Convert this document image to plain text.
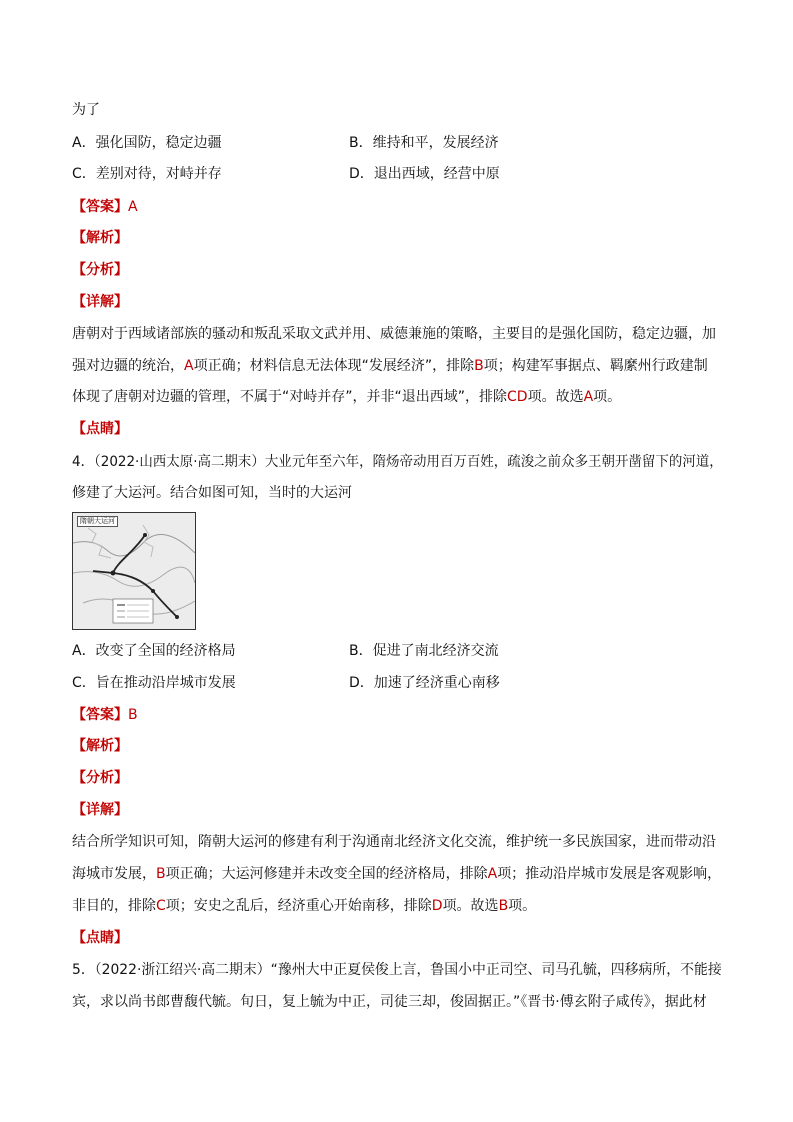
为了
A．强化国防，稳定边疆	B．维持和平，发展经济
C．差别对待，对峙并存	D．退出西域，经营中原
【答案】A
【解析】
【分析】
【详解】
唐朝对于西域诸部族的骚动和叛乱采取文武并用、威德兼施的策略，主要目的是强化国防，稳定边疆，加
强对边疆的统治，A项正确；材料信息无法体现“发展经济”，排除B项；构建军事据点、羁縻州行政建制
体现了唐朝对边疆的管理，不属于“对峙并存”，并非“退出西域”，排除CD项。故选A项。
【点睛】
4．（2022·山西太原·高二期末）大业元年至六年，隋炀帝动用百万百姓，疏浚之前众多王朝开凿留下的河道，
修建了大运河。结合如图可知，当时的大运河
隋朝大运河
A．改变了全国的经济格局	B．促进了南北经济交流
C．旨在推动沿岸城市发展	D．加速了经济重心南移
【答案】B
【解析】
【分析】
【详解】
结合所学知识可知，隋朝大运河的修建有利于沟通南北经济文化交流，维护统一多民族国家，进而带动沿
海城市发展，B项正确；大运河修建并未改变全国的经济格局，排除A项；推动沿岸城市发展是客观影响，
非目的，排除C项；安史之乱后，经济重心开始南移，排除D项。故选B项。
【点睛】
5．（2022·浙江绍兴·高二期末）“豫州大中正夏侯俊上言，鲁国小中正司空、司马孔毓，四移病所，不能接
宾，求以尚书郎曹馥代毓。旬日，复上毓为中正，司徒三却，俊固据正。”《晋书·傅玄附子咸传》，据此材
